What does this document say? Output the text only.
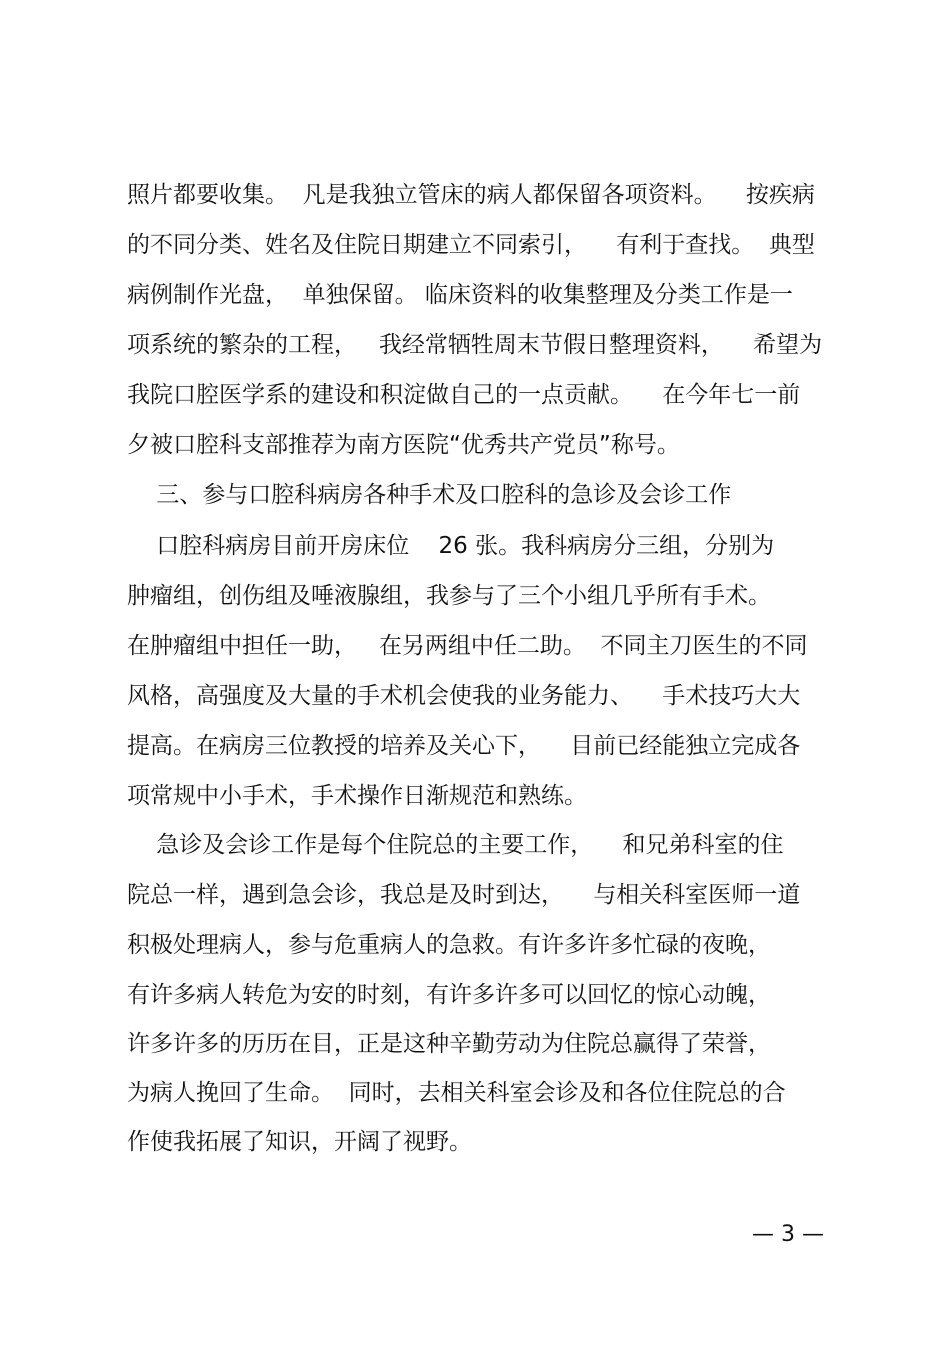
照片都要收集。  凡是我独立管床的病人都保留各项资料。    按疾病
的不同分类、姓名及住院日期建立不同索引，    有利于查找。  典型
病例制作光盘，  单独保留。 临床资料的收集整理及分类工作是一
项系统的繁杂的工程，   我经常牺牲周末节假日整理资料，    希望为
我院口腔医学系的建设和积淀做自己的一点贡献。    在今年七一前
夕被口腔科支部推荐为南方医院“优秀共产党员”称号。
三、参与口腔科病房各种手术及口腔科的急诊及会诊工作
口腔科病房目前开房床位    26 张。我科病房分三组，分别为
肿瘤组，创伤组及唾液腺组，我参与了三个小组几乎所有手术。
在肿瘤组中担任一助，   在另两组中任二助。  不同主刀医生的不同
风格，高强度及大量的手术机会使我的业务能力、    手术技巧大大
提高。在病房三位教授的培养及关心下，    目前已经能独立完成各
项常规中小手术，手术操作日渐规范和熟练。
急诊及会诊工作是每个住院总的主要工作，    和兄弟科室的住
院总一样，遇到急会诊，我总是及时到达，    与相关科室医师一道
积极处理病人，参与危重病人的急救。有许多许多忙碌的夜晚，
有许多病人转危为安的时刻，有许多许多可以回忆的惊心动魄，
许多许多的历历在目，正是这种辛勤劳动为住院总赢得了荣誉，
为病人挽回了生命。  同时，去相关科室会诊及和各位住院总的合
作使我拓展了知识，开阔了视野。
— 3 —
